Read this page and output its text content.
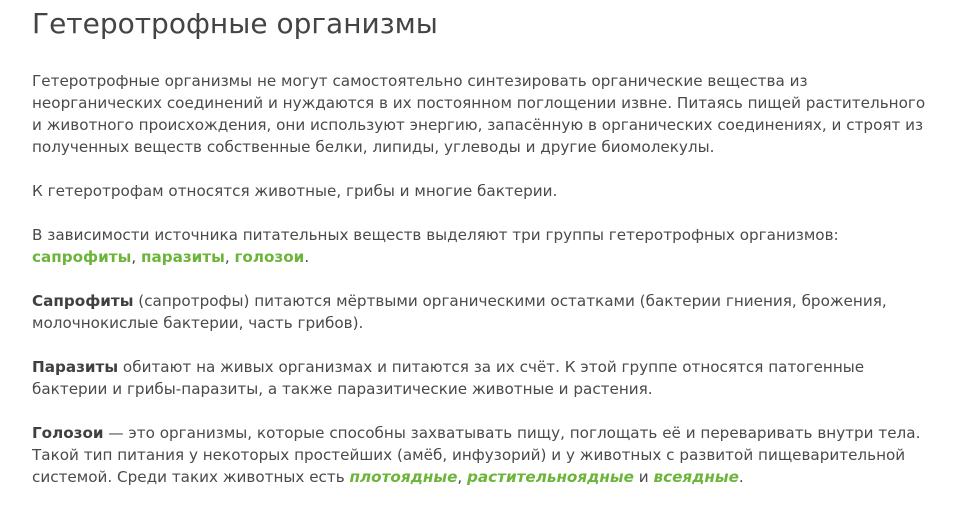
Гетеротрофные организмы

Гетеротрофные организмы не могут самостоятельно синтезировать органические вещества из неорганических соединений и нуждаются в их постоянном поглощении извне. Питаясь пищей растительного и животного происхождения, они используют энергию, запасённую в органических соединениях, и строят из полученных веществ собственные белки, липиды, углеводы и другие биомолекулы.

К гетеротрофам относятся животные, грибы и многие бактерии.

В зависимости источника питательных веществ выделяют три группы гетеротрофных организмов: сапрофиты, паразиты, голозои.

Сапрофиты (сапротрофы) питаются мёртвыми органическими остатками (бактерии гниения, брожения, молочнокислые бактерии, часть грибов).

Паразиты обитают на живых организмах и питаются за их счёт. К этой группе относятся патогенные бактерии и грибы-паразиты, а также паразитические животные и растения.

Голозои — это организмы, которые способны захватывать пищу, поглощать её и переваривать внутри тела. Такой тип питания у некоторых простейших (амёб, инфузорий) и у животных с развитой пищеварительной системой. Среди таких животных есть плотоядные, растительноядные и всеядные.
